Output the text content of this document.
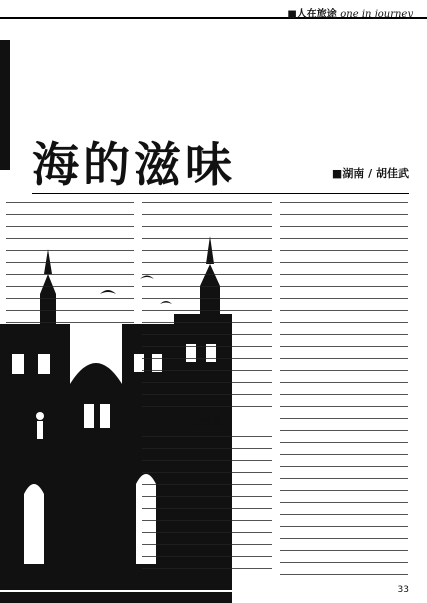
■人在旅途 one in journey
海的滋味	■湖南 / 胡佳武
神致乐
33
